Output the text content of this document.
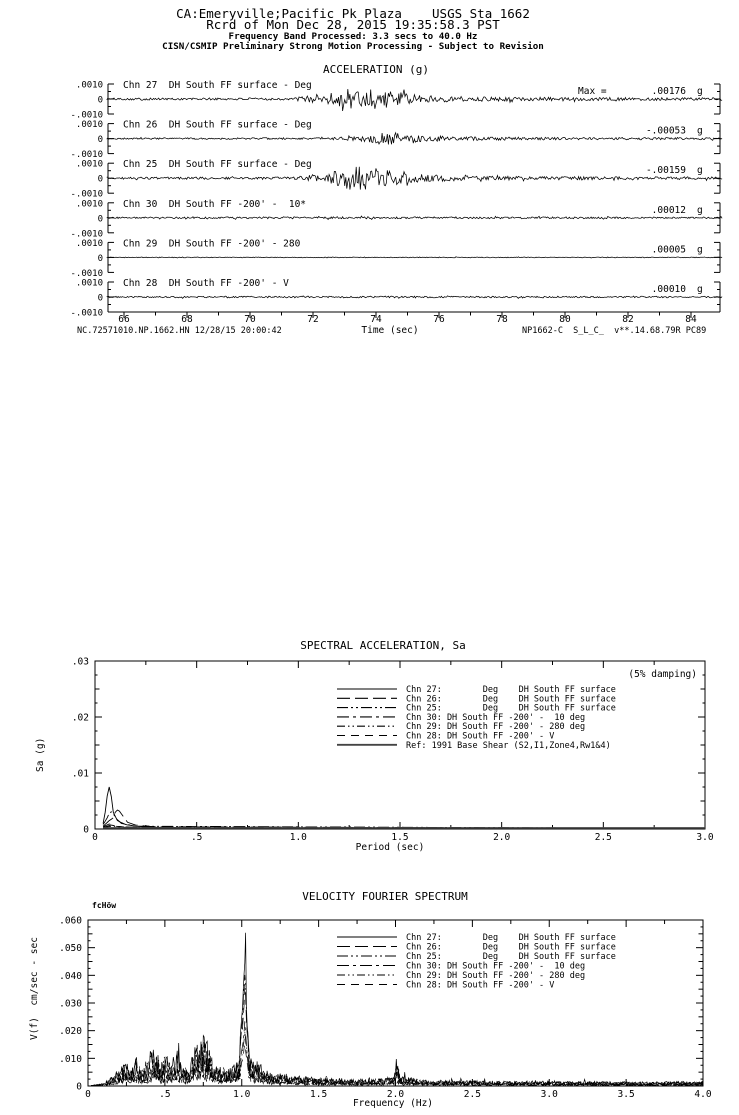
CA:Emeryville;Pacific Pk Plaza    USGS Sta 1662
Rcrd of Mon Dec 28, 2015 19:35:58.3 PST
Frequency Band Processed: 3.3 secs to 40.0 Hz
CISN/CSMIP Preliminary Strong Motion Processing - Subject to Revision
ACCELERATION (g)
NC.72571010.NP.1662.HN 12/28/15 20:00:42	Time (sec)	NP1662-C  S_L_C_  v**.14.68.79R PC89
SPECTRAL ACCELERATION, Sa
(5% damping)
Period (sec)
Sa (g)
VELOCITY FOURIER SPECTRUM
fcHöw
Frequency (Hz)
V(f)  cm/sec - sec
.0010
0
-.0010
Chn 27  DH South FF surface - Deg
Max =	.00176 g
.0010
0
-.0010
Chn 26  DH South FF surface - Deg
-.00053 g
.0010
0
-.0010
Chn 25  DH South FF surface - Deg
-.00159 g
.0010
0
-.0010
Chn 30  DH South FF -200' -  10*
.00012 g
.0010
0
-.0010
Chn 29  DH South FF -200' - 280
.00005 g
.0010
0
-.0010
Chn 28  DH South FF -200' - V
.00010 g
66	68	70	72	74	76	78	80	82	84
0	.5	1.0	1.5	2.0	2.5	3.0
.03
.02
.01
0
Chn 27:        Deg    DH South FF surface
Chn 26:        Deg    DH South FF surface
Chn 25:        Deg    DH South FF surface
Chn 30: DH South FF -200' -  10 deg
Chn 29: DH South FF -200' - 280 deg
Chn 28: DH South FF -200' - V
Ref: 1991 Base Shear (S2,I1,Zone4,Rw1&4)
0	.5	1.0	1.5	2.0	2.5	3.0	3.5	4.0
.060
.050
.040
.030
.020
.010
0
Chn 27:        Deg    DH South FF surface
Chn 26:        Deg    DH South FF surface
Chn 25:        Deg    DH South FF surface
Chn 30: DH South FF -200' -  10 deg
Chn 29: DH South FF -200' - 280 deg
Chn 28: DH South FF -200' - V
